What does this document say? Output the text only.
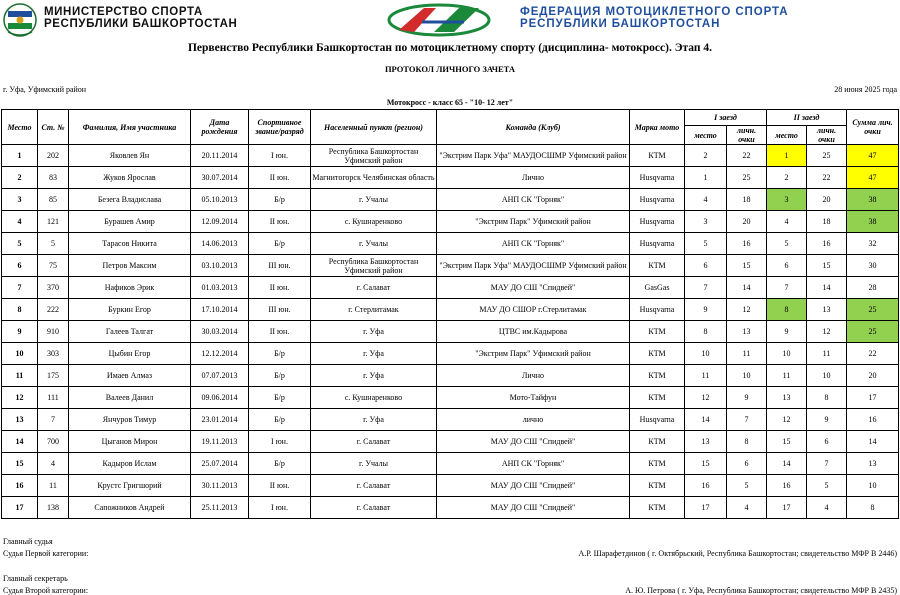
МИНИСТЕРСТВО СПОРТА
РЕСПУБЛИКИ БАШКОРТОСТАН
ФЕДЕРАЦИЯ МОТОЦИКЛЕТНОГО СПОРТА
РЕСПУБЛИКИ БАШКОРТОСТАН
Первенство Республики Башкортостан по мотоциклетному спорту (дисциплина- мотокросс). Этап 4.
ПРОТОКОЛ ЛИЧНОГО ЗАЧЕТА
г. Уфа, Уфимский район	28 июня 2025 года
Мотокросс - класс 65 - "10- 12 лет"
Место	Ст. №	Фамилия, Имя участника	Дата рождения	Спортивное звание/разряд	Населенный пункт (регион)	Команда (Клуб)	Марка мото	I заезд		II заезд		Сумма лич. очки
								место	личн. очки	место	личн. очки	
1	202	Яковлев Ян	20.11.2014	I юн.	Республика Башкортостан Уфимский район	"Экстрим Парк Уфа" МАУДОСШМР Уфимский район	КТМ	2	22	1	25	47
2	83	Жуков Ярослав	30.07.2014	II юн.	Магнитогорск Челябинская область	Лично	Husqvarna	1	25	2	22	47
3	85	Безега Владислава	05.10.2013	Б/р	г. Учалы	АНП СК "Горняк"	Husqvarna	4	18	3	20	38
4	121	Бурашев Амир	12.09.2014	II юн.	с. Кушнаренково	"Экстрим Парк" Уфимский район	Husqvarna	3	20	4	18	38
5	5	Тарасов Никита	14.06.2013	Б/р	г. Учалы	АНП СК "Горняк"	Husqvarna	5	16	5	16	32
6	75	Петров Максим	03.10.2013	III юн.	Республика Башкортостан Уфимский район	"Экстрим Парк Уфа" МАУДОСШМР Уфимский район	КТМ	6	15	6	15	30
7	370	Нафиков Эрик	01.03.2013	II юн.	г. Салават	МАУ ДО СШ "Спидвей"	GasGas	7	14	7	14	28
8	222	Буркин Егор	17.10.2014	III юн.	г. Стерлитамак	МАУ ДО СШОР г.Стерлитамак	Husqvarna	9	12	8	13	25
9	910	Галеев Талгат	30.03.2014	II юн.	г. Уфа	ЦТВС им.Кадырова	КТМ	8	13	9	12	25
10	303	Цыбин Егор	12.12.2014	Б/р	г. Уфа	"Экстрим Парк" Уфимский район	КТМ	10	11	10	11	22
11	175	Имаев Алмаз	07.07.2013	Б/р	г. Уфа	Лично	КТМ	11	10	11	10	20
12	111	Валеев Данил	09.06.2014	Б/р	с. Кушнаренково	Мото-Тайфун	КТМ	12	9	13	8	17
13	7	Янчуров Тимур	23.01.2014	Б/р	г. Уфа	лично	Husqvarna	14	7	12	9	16
14	700	Цыганов Мирон	19.11.2013	I юн.	г. Салават	МАУ ДО СШ "Спидвей"	КТМ	13	8	15	6	14
15	4	Кадыров Ислам	25.07.2014	Б/р	г. Учалы	АНП СК "Горняк"	КТМ	15	6	14	7	13
16	11	Крустс Григшорий	30.11.2013	II юн.	г. Салават	МАУ ДО СШ "Спидвей"	КТМ	16	5	16	5	10
17	138	Сапожников Андрей	25.11.2013	I юн.	г. Салават	МАУ ДО СШ "Спидвей"	КТМ	17	4	17	4	8
Главный судья
Судья Первой категории:	А.Р. Шарафетдинов ( г. Октябрьский, Республика Башкортостан; свидетельство МФР В 2446)
Главный секретарь
Судья Второй категории:	А. Ю. Петрова ( г. Уфа, Республика Башкортостан; свидетельство МФР В 2435)
